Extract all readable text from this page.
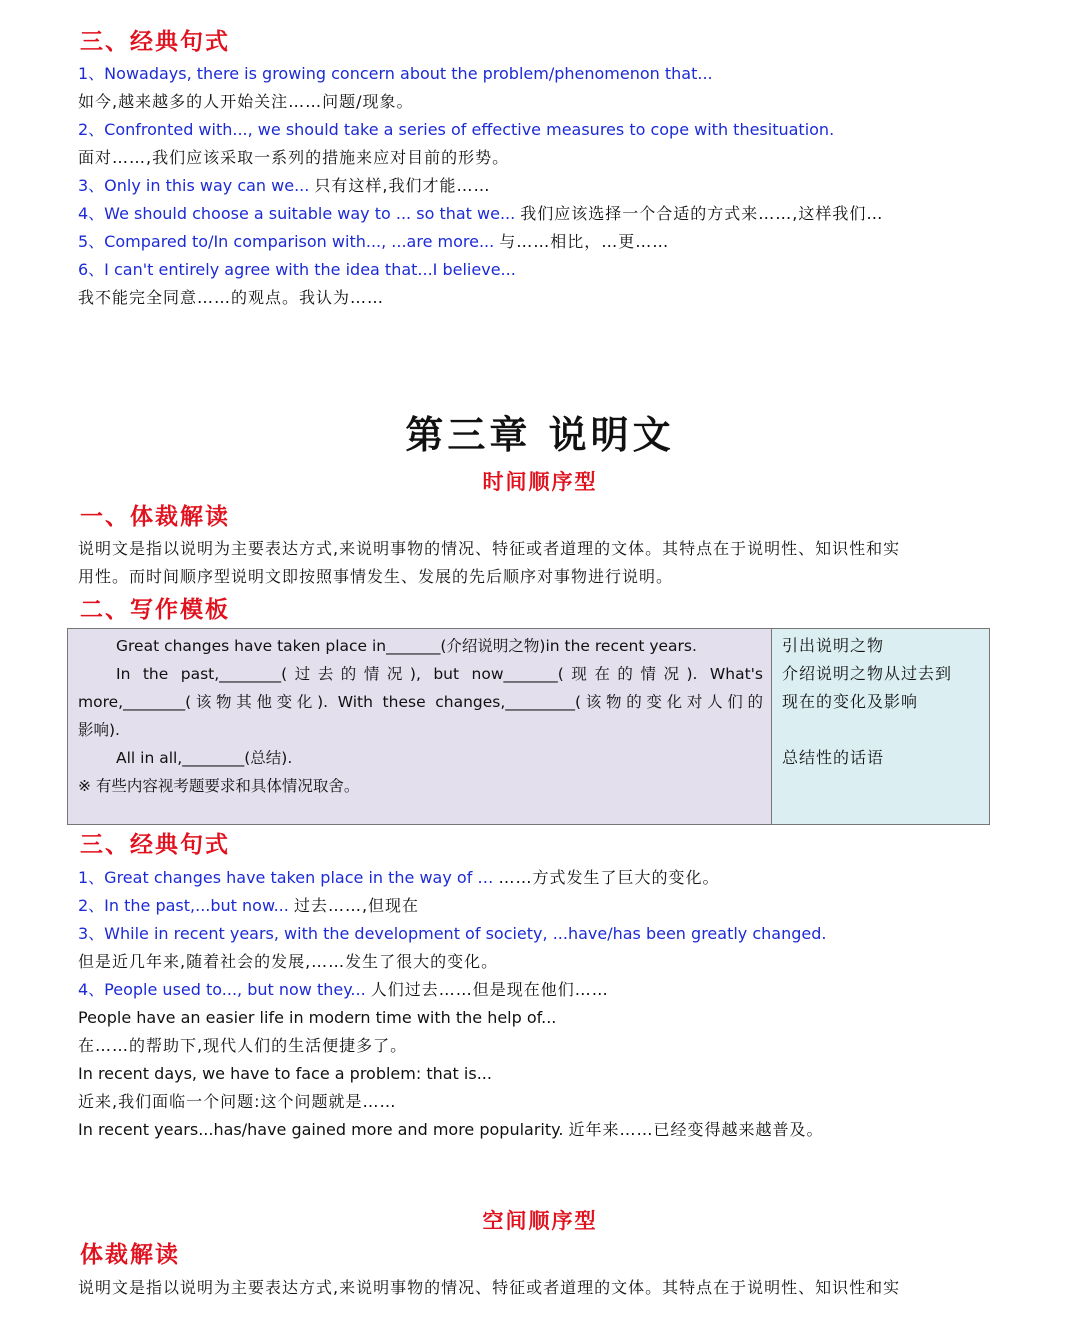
三、经典句式
1、Nowadays, there is growing concern about the problem/phenomenon that...
如今,越来越多的人开始关注……问题/现象。
2、Confronted with..., we should take a series of effective measures to cope with thesituation.
面对……,我们应该采取一系列的措施来应对目前的形势。
3、Only in this way can we... 只有这样,我们才能……
4、We should choose a suitable way to ... so that we... 我们应该选择一个合适的方式来……,这样我们…
5、Compared to/In comparison with..., ...are more... 与……相比，…更……
6、I can't entirely agree with the idea that...I believe...
我不能完全同意……的观点。我认为……
第三章 说明文
时间顺序型
一、体裁解读
说明文是指以说明为主要表达方式,来说明事物的情况、特征或者道理的文体。其特点在于说明性、知识性和实
用性。而时间顺序型说明文即按照事情发生、发展的先后顺序对事物进行说明。
二、写作模板
Great changes have taken place in_______(介绍说明之物)in the recent years.
In the past,________(过去的情况), but now_______(现在的情况). What's
more,________(该物其他变化). With these changes,_________(该物的变化对人们的
影响).
All in all,________(总结).
※ 有些内容视考题要求和具体情况取舍。
引出说明之物
介绍说明之物从过去到
现在的变化及影响
总结性的话语
三、经典句式
1、Great changes have taken place in the way of … ……方式发生了巨大的变化。
2、In the past,...but now... 过去……,但现在
3、While in recent years, with the development of society, ...have/has been greatly changed.
但是近几年来,随着社会的发展,……发生了很大的变化。
4、People used to..., but now they... 人们过去……但是现在他们……
People have an easier life in modern time with the help of...
在……的帮助下,现代人们的生活便捷多了。
In recent days, we have to face a problem: that is...
近来,我们面临一个问题:这个问题就是……
In recent years...has/have gained more and more popularity. 近年来……已经变得越来越普及。
空间顺序型
体裁解读
说明文是指以说明为主要表达方式,来说明事物的情况、特征或者道理的文体。其特点在于说明性、知识性和实
